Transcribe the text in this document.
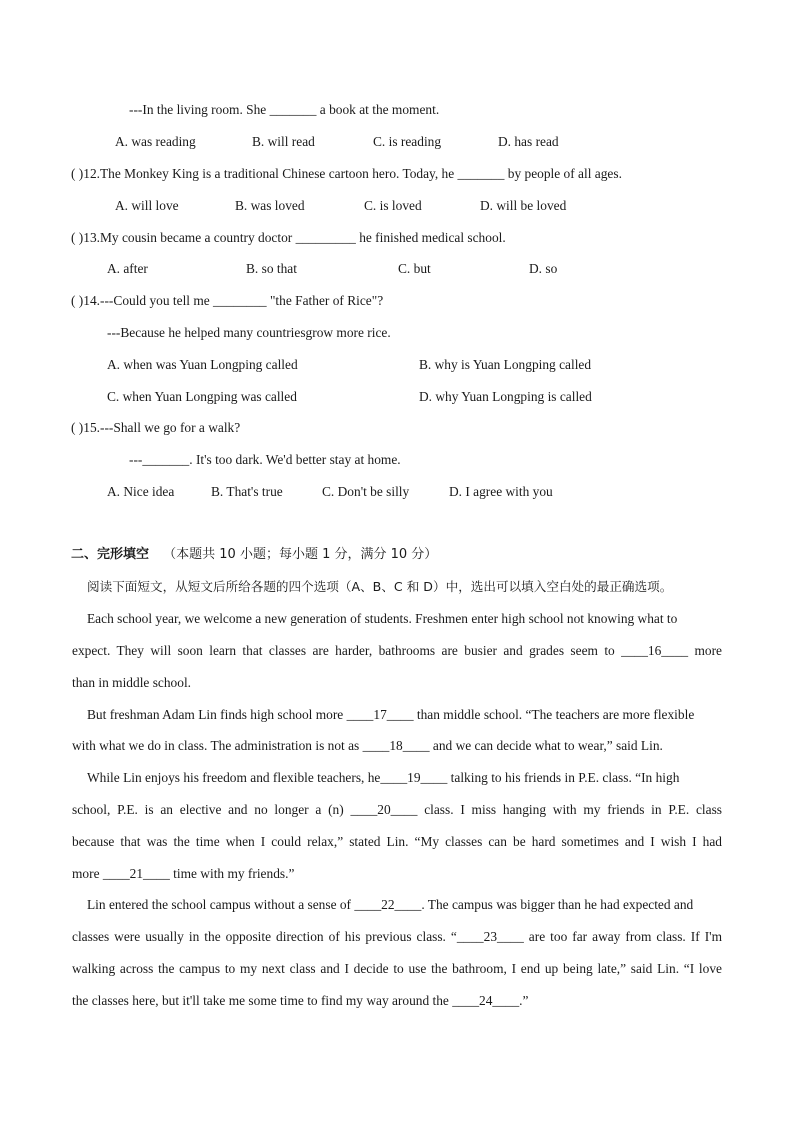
---In the living room. She _______ a book at the moment.
A. was reading	B. will read	C. is reading	D. has read
( )12.The Monkey King is a traditional Chinese cartoon hero. Today, he _______ by people of all ages.
A. will love	B. was loved	C. is loved	D. will be loved
( )13.My cousin became a country doctor _________ he finished medical school.
A. after	B. so that	C. but	D. so
( )14.---Could you tell me ________ "the Father of Rice"?
---Because he helped many countriesgrow more rice.
A. when was Yuan Longping called	B. why is Yuan Longping called
C. when Yuan Longping was called	D. why Yuan Longping is called
( )15.---Shall we go for a walk?
---_______. It's too dark. We'd better stay at home.
A. Nice idea	B. That's true	C. Don't be silly	D. I agree with you
二、完形填空 （本题共 10 小题；每小题 1 分，满分 10 分）
阅读下面短文，从短文后所给各题的四个选项（A、B、C 和 D）中，选出可以填入空白处的最正确选项。
Each school year, we welcome a new generation of students. Freshmen enter high school not knowing what to
expect. They will soon learn that classes are harder, bathrooms are busier and grades seem to ____16____ more
than in middle school.
But freshman Adam Lin finds high school more ____17____ than middle school. “The teachers are more flexible
with what we do in class. The administration is not as ____18____ and we can decide what to wear,” said Lin.
While Lin enjoys his freedom and flexible teachers, he____19____ talking to his friends in P.E. class. “In high
school, P.E. is an elective and no longer a (n) ____20____ class. I miss hanging with my friends in P.E. class
because that was the time when I could relax,” stated Lin. “My classes can be hard sometimes and I wish I had
more ____21____ time with my friends.”
Lin entered the school campus without a sense of ____22____. The campus was bigger than he had expected and
classes were usually in the opposite direction of his previous class. “____23____ are too far away from class. If I'm
walking across the campus to my next class and I decide to use the bathroom, I end up being late,” said Lin. “I love
the classes here, but it'll take me some time to find my way around the ____24____.”
